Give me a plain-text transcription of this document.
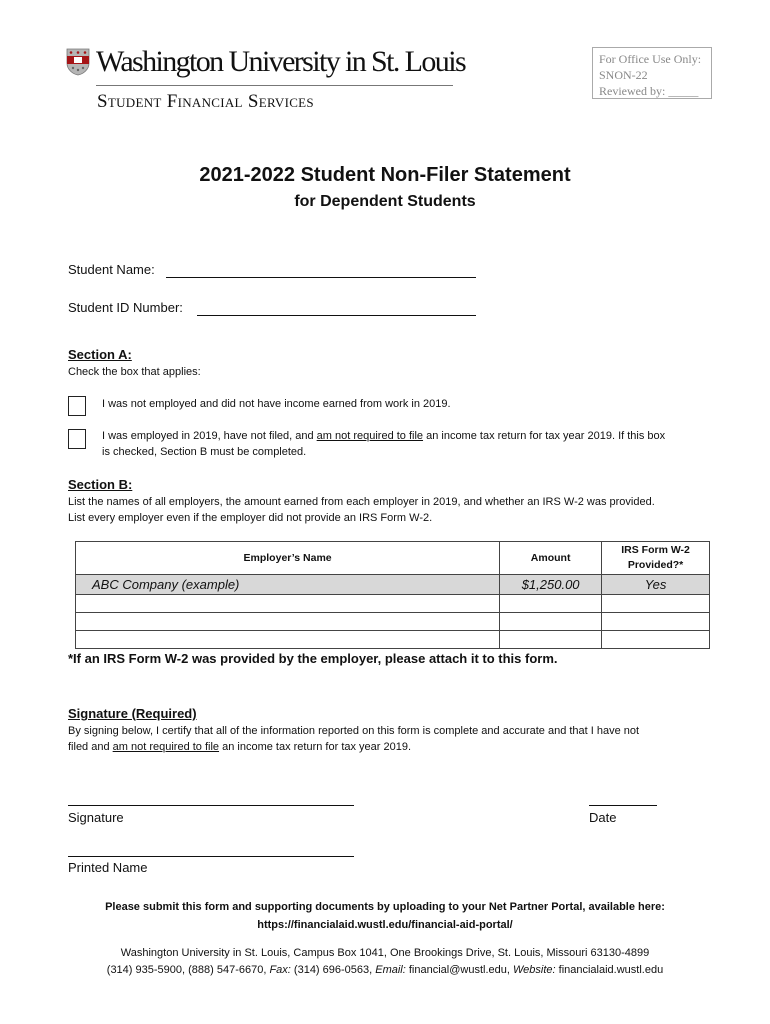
Washington University in St. Louis
Student Financial Services
For Office Use Only:
SNON-22
Reviewed by: _____
2021-2022 Student Non-Filer Statement
for Dependent Students
Student Name:
Student ID Number:
Section A:
Check the box that applies:
I was not employed and did not have income earned from work in 2019.
I was employed in 2019, have not filed, and am not required to file an income tax return for tax year 2019. If this box
is checked, Section B must be completed.
Section B:
List the names of all employers, the amount earned from each employer in 2019, and whether an IRS W-2 was provided.
List every employer even if the employer did not provide an IRS Form W-2.
Employer’s Name	Amount	IRS Form W-2 Provided?*
ABC Company (example)	$1,250.00	Yes

*If an IRS Form W-2 was provided by the employer, please attach it to this form.
Signature (Required)
By signing below, I certify that all of the information reported on this form is complete and accurate and that I have not
filed and am not required to file an income tax return for tax year 2019.
Signature	Date
Printed Name
Please submit this form and supporting documents by uploading to your Net Partner Portal, available here:
https://financialaid.wustl.edu/financial-aid-portal/
Washington University in St. Louis, Campus Box 1041, One Brookings Drive, St. Louis, Missouri 63130-4899
(314) 935-5900, (888) 547-6670, Fax: (314) 696-0563, Email: financial@wustl.edu, Website: financialaid.wustl.edu
